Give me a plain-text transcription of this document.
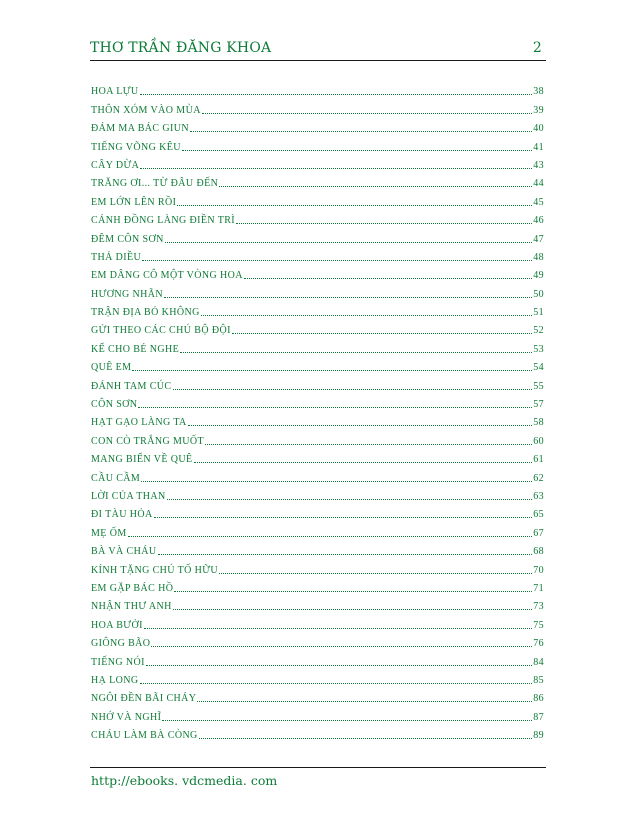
THƠ TRẦN ĐĂNG KHOA	2
HOA LỰU	38
THÔN XÓM VÀO MÙA	39
ĐÁM MA BÁC GIUN	40
TIẾNG VÕNG KÊU	41
CÂY DỪA	43
TRĂNG ƠI... TỪ ĐÂU ĐẾN	44
EM LỚN LÊN RỒI	45
CÁNH ĐỒNG LÀNG ĐIỀN TRÌ	46
ĐÊM CÔN SƠN	47
THẢ DIỀU	48
EM DÂNG CÔ MỘT VÒNG HOA	49
HƯƠNG NHÃN	50
TRẬN ĐỊA BỎ KHÔNG	51
GỬI THEO CÁC CHÚ BỘ ĐỘI	52
KỂ CHO BÉ NGHE	53
QUÊ EM	54
ĐÁNH TAM CÚC	55
CÔN SƠN	57
HẠT GẠO LÀNG TA	58
CON CÒ TRẮNG MUỐT	60
MANG BIỂN VỀ QUÊ	61
CẦU CẦM	62
LỜI CỦA THAN	63
ĐI TÀU HỎA	65
MẸ ỐM	67
BÀ VÀ CHÁU	68
KÍNH TẶNG CHÚ TỐ HỮU	70
EM GẶP BÁC HỒ	71
NHẬN THƯ ANH	73
HOA BƯỞI	75
GIÔNG BÃO	76
TIẾNG NÓI	84
HẠ LONG	85
NGÔI ĐỀN BÃI CHÁY	86
NHỚ VÀ NGHĨ	87
CHÁU LÀM BÀ CÒNG	89
http://ebooks. vdcmedia. com
